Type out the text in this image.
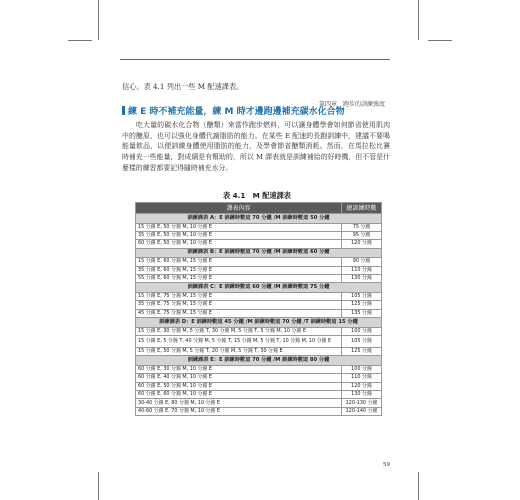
第四章　跑步的訓練強度
信心。表 4.1 列出一些 M 配速課表。
練 E 時不補充能量，練 M 時才邊跑邊補充碳水化合物

吃大量的碳水化合物（醣類）來當作跑步燃料，可以讓身體學會如何節省使用肌肉中的醣原，也可以強化身體代謝脂肪的能力。在某些 E 配速的長跑訓練中，建議不要喝能量飲品，以便訓練身體使用脂肪的能力，及學會節省醣類消耗。然而，在馬拉松比賽時補充一些能量，對成績是有幫助的，所以 M 課表就是訓練補給的好時機，但不管是什麼樣的練習都要記得隨時補充水分。

表 4.1　M 配速課表
課表內容	總訓練時數
訓練課表 A：E 訓練時數這 70 分鐘 /M 訓練時數這 50 分鐘	
15 分鐘 E, 50 分鐘 M, 10 分鐘 E	75 分鐘
35 分鐘 E, 50 分鐘 M, 10 分鐘 E	95 分鐘
60 分鐘 E, 50 分鐘 M, 10 分鐘 E	120 分鐘
訓練課表 B：E 訓練時數這 70 分鐘 /M 訓練時數這 60 分鐘	
15 分鐘 E, 60 分鐘 M, 15 分鐘 E	90 分鐘
35 分鐘 E, 60 分鐘 M, 15 分鐘 E	110 分鐘
55 分鐘 E, 60 分鐘 M, 15 分鐘 E	130 分鐘
訓練課表 C：E 訓練時數這 60 分鐘 /M 訓練時數這 75 分鐘	
15 分鐘 E, 75 分鐘 M, 15 分鐘 E	105 分鐘
35 分鐘 E, 75 分鐘 M, 15 分鐘 E	125 分鐘
45 分鐘 E, 75 分鐘 M, 15 分鐘 E	135 分鐘
訓練課表 D：E 訓練時數這 45 分鐘 /M 訓練時數這 70 分鐘 /T 訓練時數這 15 分鐘	
15 分鐘 E, 30 分鐘 M, 5 分鐘 T, 30 分鐘 M, 5 分鐘 T, 5 分鐘 M, 10 分鐘 E	100 分鐘
15 分鐘 E, 5 分鐘 T, 40 分鐘 M, 5 分鐘 T, 15 分鐘 M, 5 分鐘 T, 10 分鐘 M, 10 分鐘 E	105 分鐘
15 分鐘 E, 50 分鐘 M, 5 分鐘 T, 20 分鐘 M, 5 分鐘 T, 30 分鐘 E	125 分鐘
訓練課表 E：E 訓練時數這 70 分鐘 /M 訓練時數這 80 分鐘	
60 分鐘 E, 30 分鐘 M, 10 分鐘 E	100 分鐘
60 分鐘 E, 40 分鐘 M, 10 分鐘 E	110 分鐘
60 分鐘 E, 50 分鐘 M, 10 分鐘 E	120 分鐘
60 分鐘 E, 60 分鐘 M, 10 分鐘 E	130 分鐘
30-40 分鐘 E, 80 分鐘 M, 10 分鐘 E	120-130 分鐘
40-60 分鐘 E, 70 分鐘 M, 10 分鐘 E	120-140 分鐘
59
